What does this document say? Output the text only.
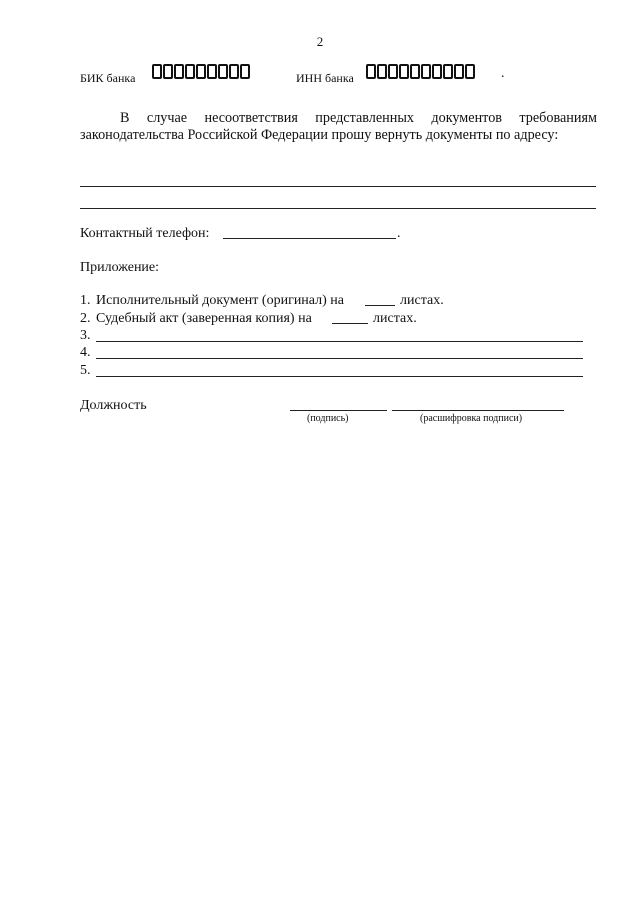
2
БИК банка	ИНН банка	.

В случае несоответствия представленных документов требованиям законодательства Российской Федерации прошу вернуть документы по адресу:

Контактный телефон:	.
Приложение:
1. Исполнительный документ (оригинал) на	листах.
2. Судебный акт (заверенная копия) на	листах.
3.
4.
5.
Должность
(подпись)	(расшифровка подписи)
